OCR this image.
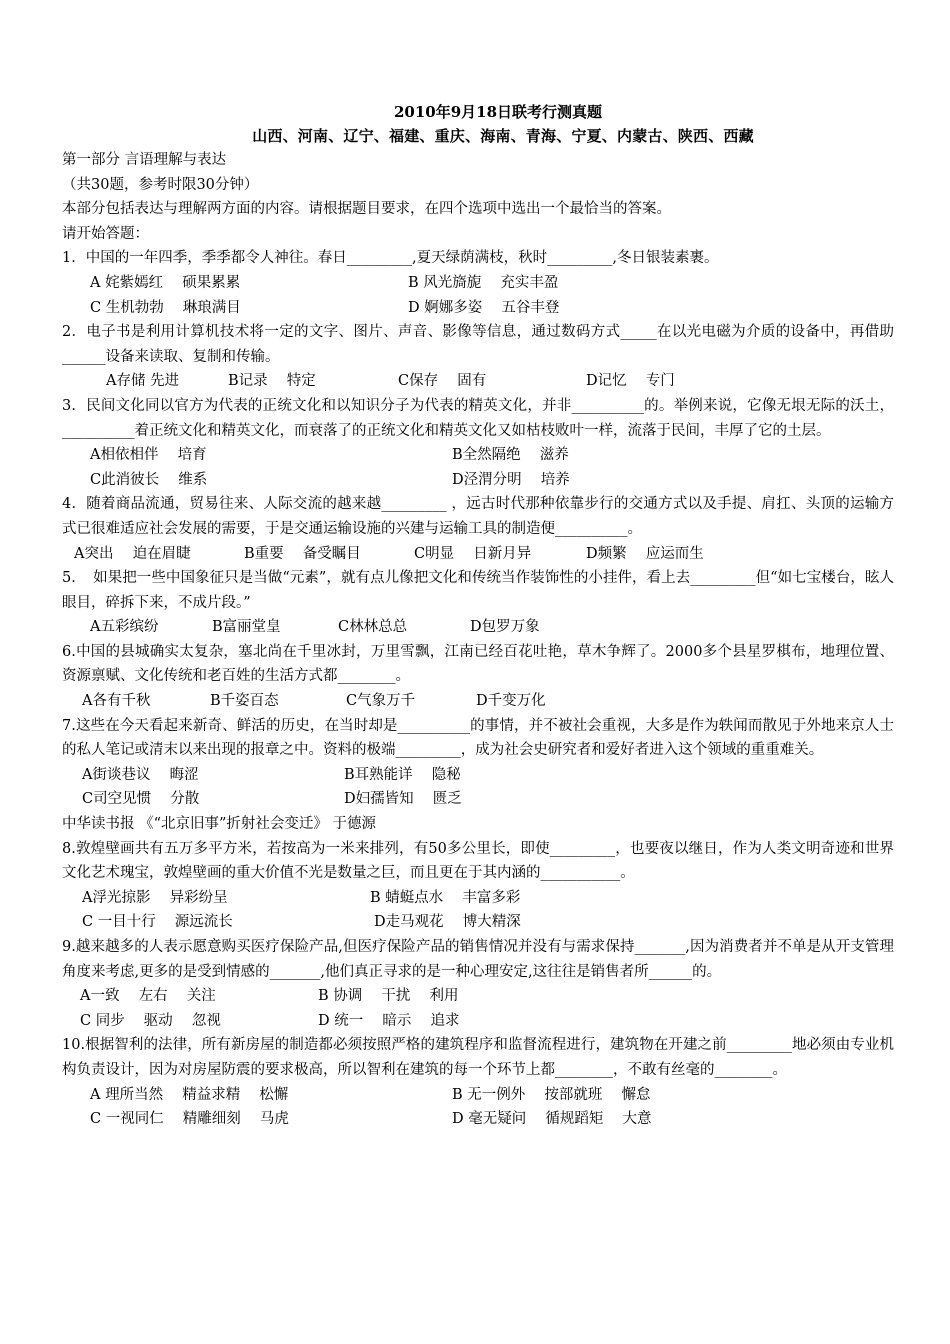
2010年9月18日联考行测真题
山西、河南、辽宁、福建、重庆、海南、青海、宁夏、内蒙古、陕西、西藏
第一部分 言语理解与表达
（共30题，参考时限30分钟）
本部分包括表达与理解两方面的内容。请根据题目要求，在四个选项中选出一个最恰当的答案。
请开始答题：
1．中国的一年四季，季季都令人神往。春日_________,夏天绿荫满枝，秋时_________,冬日银装素裹。
A 姹紫嫣红　 硕果累累	B 风光旖旎　 充实丰盈
C 生机勃勃　 琳琅满目	D 婀娜多姿　 五谷丰登
2．电子书是利用计算机技术将一定的文字、图片、声音、影像等信息，通过数码方式_____在以光电磁为介质的设备中，再借助______设备来读取、复制和传输。
A存储 先进	B记录　 特定	C保存　 固有	D记忆　 专门
3．民间文化同以官方为代表的正统文化和以知识分子为代表的精英文化，并非__________的。举例来说，它像无垠无际的沃土，__________着正统文化和精英文化，而衰落了的正统文化和精英文化又如枯枝败叶一样，流落于民间，丰厚了它的土层。
A相依相伴　 培育	B全然隔绝　 滋养
C此消彼长　 维系	D泾渭分明　 培养
4．随着商品流通，贸易往来、人际交流的越来越_________ ，远古时代那种依靠步行的交通方式以及手提、肩扛、头顶的运输方式已很难适应社会发展的需要，于是交通运输设施的兴建与运输工具的制造便__________。
A突出　 迫在眉睫	B重要　 备受瞩目	C明显　 日新月异	D频繁　 应运而生
5．　如果把一些中国象征只是当做“元素”，就有点儿像把文化和传统当作装饰性的小挂件，看上去_________但“如七宝楼台，眩人眼目，碎拆下来，不成片段。”
A五彩缤纷	B富丽堂皇	C林林总总	D包罗万象
6.中国的县城确实太复杂，塞北尚在千里冰封，万里雪飘，江南已经百花吐艳，草木争辉了。2000多个县星罗棋布，地理位置、资源禀赋、文化传统和老百姓的生活方式都________。
A各有千秋	B千姿百态	C气象万千	D千变万化
7.这些在今天看起来新奇、鲜活的历史，在当时却是__________的事情，并不被社会重视，大多是作为轶闻而散见于外地来京人士的私人笔记或清末以来出现的报章之中。资料的极端_________，成为社会史研究者和爱好者进入这个领域的重重难关。
A街谈巷议　 晦涩	B耳熟能详　 隐秘
C司空见惯　 分散	D妇孺皆知　 匮乏
中华读书报 《“北京旧事”折射社会变迁》 于德源
8.敦煌壁画共有五万多平方米，若按高为一米来排列，有50多公里长，即使_________，也要夜以继日，作为人类文明奇迹和世界文化艺术瑰宝，敦煌壁画的重大价值不光是数量之巨，而且更在于其内涵的___________。
A浮光掠影　 异彩纷呈	B 蜻蜓点水　 丰富多彩
C 一目十行　 源远流长	D走马观花　 博大精深
9.越来越多的人表示愿意购买医疗保险产品,但医疗保险产品的销售情况并没有与需求保持_______,因为消费者并不单是从开支管理角度来考虑,更多的是受到情感的_______,他们真正寻求的是一种心理安定,这往往是销售者所______的。
A一致　 左右　 关注	B 协调　 干扰　 利用
C 同步　 驱动　 忽视	D 统一　 暗示　 追求
10.根据智利的法律，所有新房屋的制造都必须按照严格的建筑程序和监督流程进行，建筑物在开建之前_________地必须由专业机构负责设计，因为对房屋防震的要求极高，所以智利在建筑的每一个环节上都________，不敢有丝毫的________。
A 理所当然　 精益求精　 松懈	B 无一例外　 按部就班　 懈怠
C 一视同仁　 精雕细刻　 马虎	D 毫无疑问　 循规蹈矩　 大意
